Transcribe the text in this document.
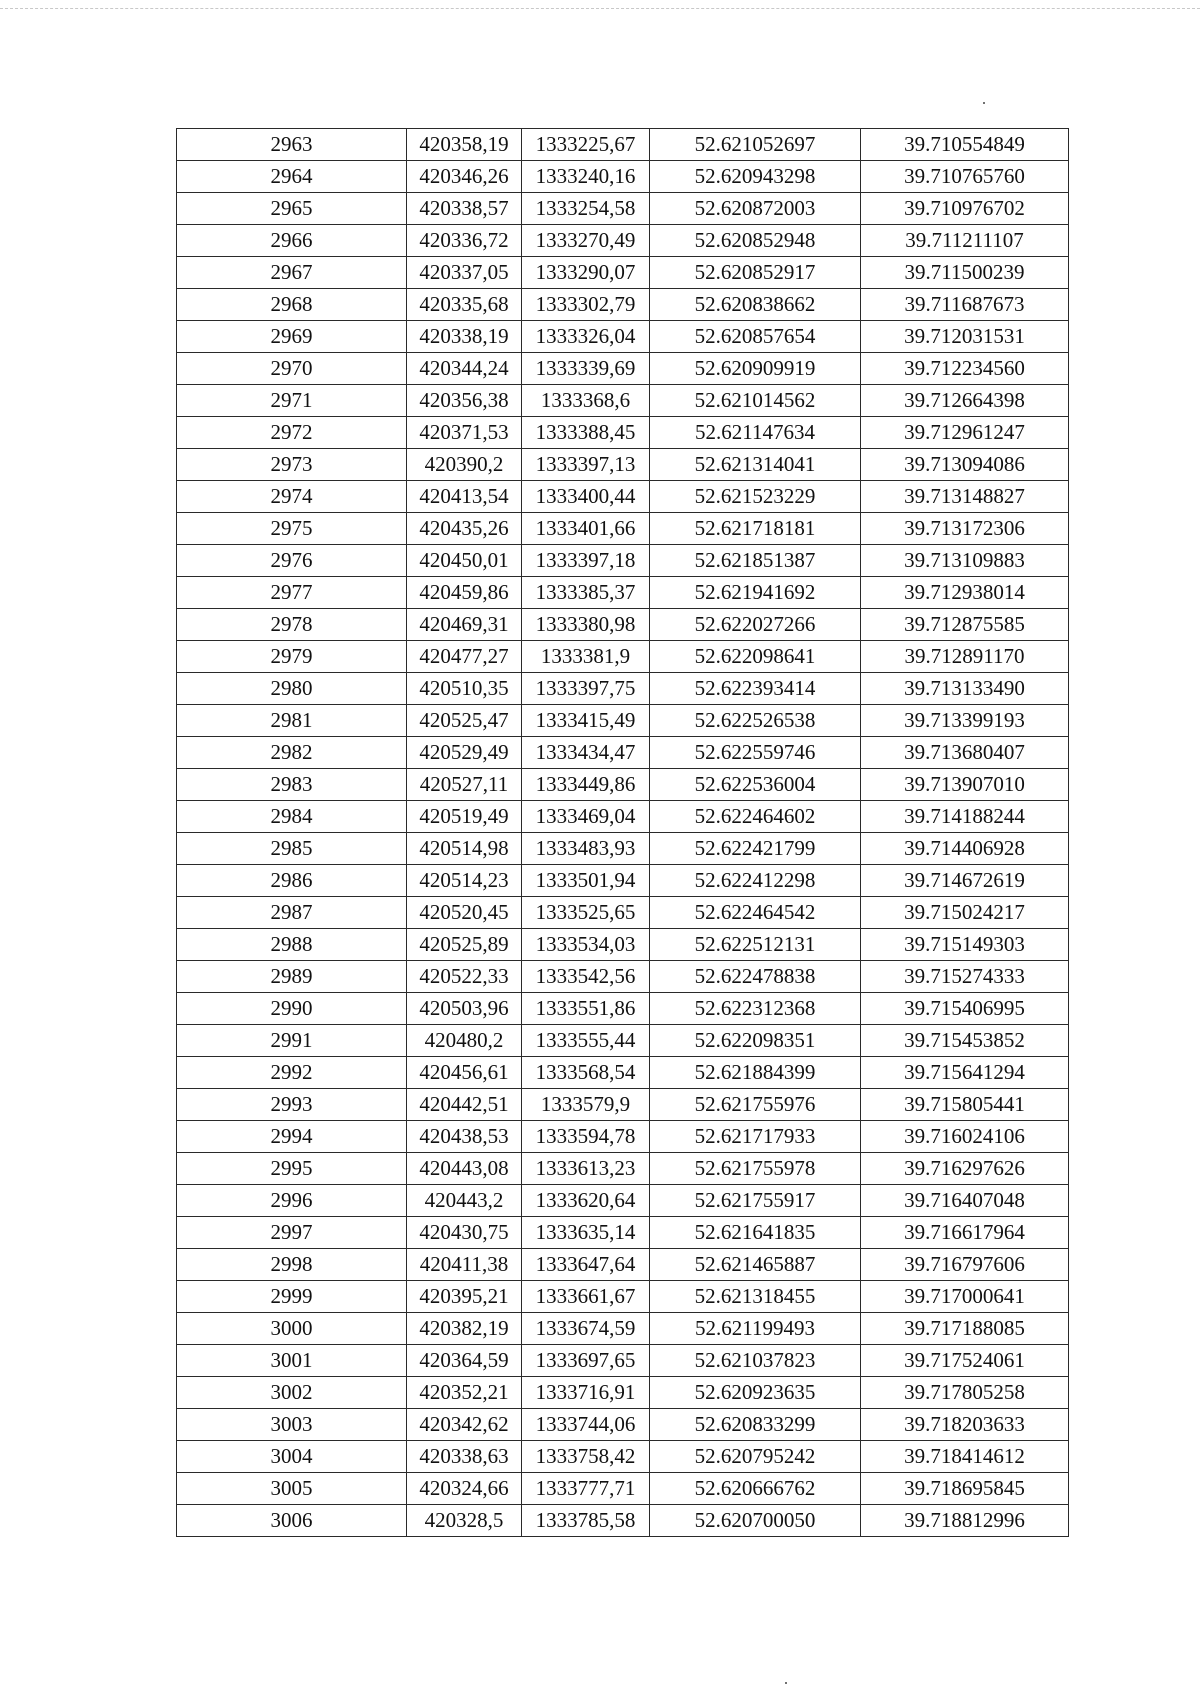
2963	420358,19	1333225,67	52.621052697	39.710554849
2964	420346,26	1333240,16	52.620943298	39.710765760
2965	420338,57	1333254,58	52.620872003	39.710976702
2966	420336,72	1333270,49	52.620852948	39.711211107
2967	420337,05	1333290,07	52.620852917	39.711500239
2968	420335,68	1333302,79	52.620838662	39.711687673
2969	420338,19	1333326,04	52.620857654	39.712031531
2970	420344,24	1333339,69	52.620909919	39.712234560
2971	420356,38	1333368,6	52.621014562	39.712664398
2972	420371,53	1333388,45	52.621147634	39.712961247
2973	420390,2	1333397,13	52.621314041	39.713094086
2974	420413,54	1333400,44	52.621523229	39.713148827
2975	420435,26	1333401,66	52.621718181	39.713172306
2976	420450,01	1333397,18	52.621851387	39.713109883
2977	420459,86	1333385,37	52.621941692	39.712938014
2978	420469,31	1333380,98	52.622027266	39.712875585
2979	420477,27	1333381,9	52.622098641	39.712891170
2980	420510,35	1333397,75	52.622393414	39.713133490
2981	420525,47	1333415,49	52.622526538	39.713399193
2982	420529,49	1333434,47	52.622559746	39.713680407
2983	420527,11	1333449,86	52.622536004	39.713907010
2984	420519,49	1333469,04	52.622464602	39.714188244
2985	420514,98	1333483,93	52.622421799	39.714406928
2986	420514,23	1333501,94	52.622412298	39.714672619
2987	420520,45	1333525,65	52.622464542	39.715024217
2988	420525,89	1333534,03	52.622512131	39.715149303
2989	420522,33	1333542,56	52.622478838	39.715274333
2990	420503,96	1333551,86	52.622312368	39.715406995
2991	420480,2	1333555,44	52.622098351	39.715453852
2992	420456,61	1333568,54	52.621884399	39.715641294
2993	420442,51	1333579,9	52.621755976	39.715805441
2994	420438,53	1333594,78	52.621717933	39.716024106
2995	420443,08	1333613,23	52.621755978	39.716297626
2996	420443,2	1333620,64	52.621755917	39.716407048
2997	420430,75	1333635,14	52.621641835	39.716617964
2998	420411,38	1333647,64	52.621465887	39.716797606
2999	420395,21	1333661,67	52.621318455	39.717000641
3000	420382,19	1333674,59	52.621199493	39.717188085
3001	420364,59	1333697,65	52.621037823	39.717524061
3002	420352,21	1333716,91	52.620923635	39.717805258
3003	420342,62	1333744,06	52.620833299	39.718203633
3004	420338,63	1333758,42	52.620795242	39.718414612
3005	420324,66	1333777,71	52.620666762	39.718695845
3006	420328,5	1333785,58	52.620700050	39.718812996
